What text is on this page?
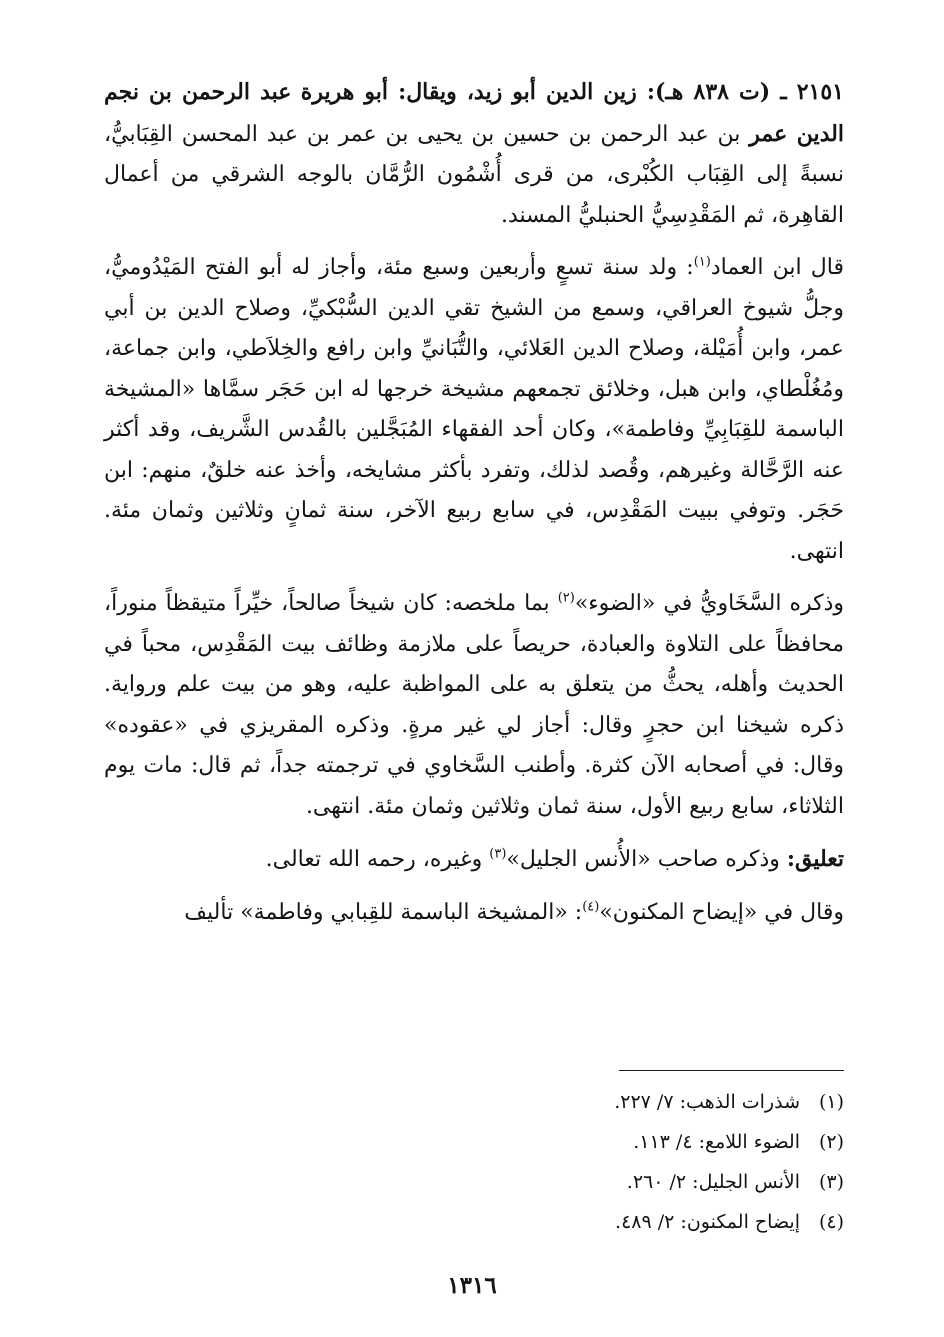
٢١٥١ ـ (ت ٨٣٨ هـ): زين الدين أبو زيد، ويقال: أبو هريرة عبد الرحمن بن نجم الدين عمر بن عبد الرحمن بن حسين بن يحيى بن عمر بن عبد المحسن القِبَابيُّ، نسبةً إلى القِبَاب الكُبْرى، من قرى أُشْمُون الرُّمَّان بالوجه الشرقي من أعمال القاهِرة، ثم المَقْدِسِيُّ الحنبليُّ المسند.

قال ابن العماد$^{(١)}$: ولد سنة تسعٍ وأربعين وسبع مئة، وأجاز له أبو الفتح المَيْدُوميُّ، وجلُّ شيوخ العراقي، وسمع من الشيخ تقي الدين السُّبْكيِّ، وصلاح الدين بن أبي عمر، وابن أُمَيْلة، وصلاح الدين العَلائي، والتُّبَانيِّ وابن رافع والخِلاَطي، وابن جماعة، ومُغُلْطاي، وابن هبل، وخلائق تجمعهم مشيخة خرجها له ابن حَجَر سمَّاها «المشيخة الباسمة للقِبَابِيِّ وفاطمة»، وكان أحد الفقهاء المُبَجَّلين بالقُدس الشَّريف، وقد أكثر عنه الرَّحَّالة وغيرهم، وقُصد لذلك، وتفرد بأكثر مشايخه، وأخذ عنه خلقٌ، منهم: ابن حَجَر. وتوفي ببيت المَقْدِس، في سابع ربيع الآخر، سنة ثمانٍ وثلاثين وثمان مئة. انتهى.

وذكره السَّخَاويُّ في «الضوء»$^{(٢)}$ بما ملخصه: كان شيخاً صالحاً، خيِّراً متيقظاً منوراً، محافظاً على التلاوة والعبادة، حريصاً على ملازمة وظائف بيت المَقْدِس، محباً في الحديث وأهله، يحثُّ من يتعلق به على المواظبة عليه، وهو من بيت علم ورواية. ذكره شيخنا ابن حجرٍ وقال: أجاز لي غير مرةٍ. وذكره المقريزي في «عقوده» وقال: في أصحابه الآن كثرة. وأطنب السَّخاوي في ترجمته جداً، ثم قال: مات يوم الثلاثاء، سابع ربيع الأول، سنة ثمان وثلاثين وثمان مئة. انتهى.

تعليق: وذكره صاحب «الأُنس الجليل»$^{(٣)}$ وغيره، رحمه الله تعالى.

وقال في «إيضاح المكنون»$^{(٤)}$: «المشيخة الباسمة للقِبابي وفاطمة» تأليف

(١)
شذرات الذهب: ٧/ ٢٢٧.
(٢)
الضوء اللامع: ٤/ ١١٣.
(٣)
الأنس الجليل: ٢/ ٢٦٠.
(٤)
إيضاح المكنون: ٢/ ٤٨٩.
١٣١٦
